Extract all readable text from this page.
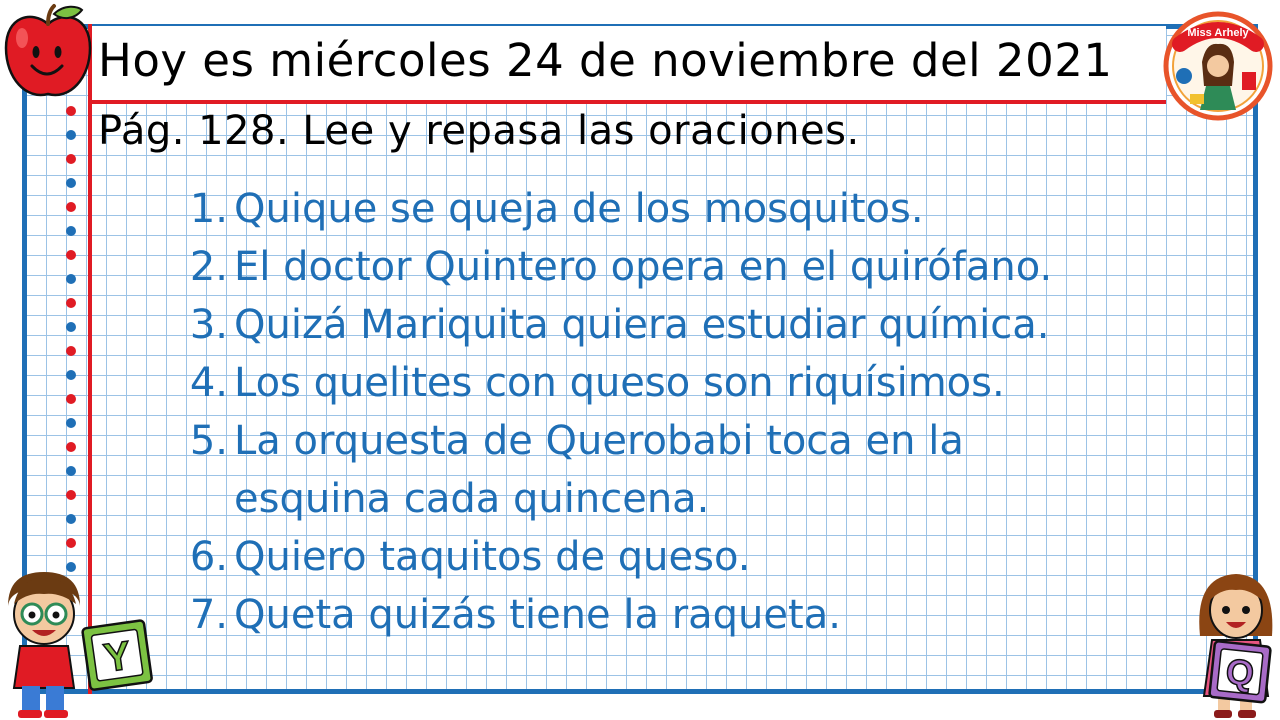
Hoy es miércoles 24 de noviembre del 2021
Pág. 128. Lee y repasa las oraciones.
1. Quique se queja de los mosquitos.
2. El doctor Quintero opera en el quirófano.
3. Quizá Mariquita quiera estudiar química.
4. Los quelites con queso son riquísimos.
5. La orquesta de Querobabi toca en la
esquina cada quincena.
6. Quiero taquitos de queso.
7. Queta quizás tiene la raqueta.
Miss Arhely
Y	Q
